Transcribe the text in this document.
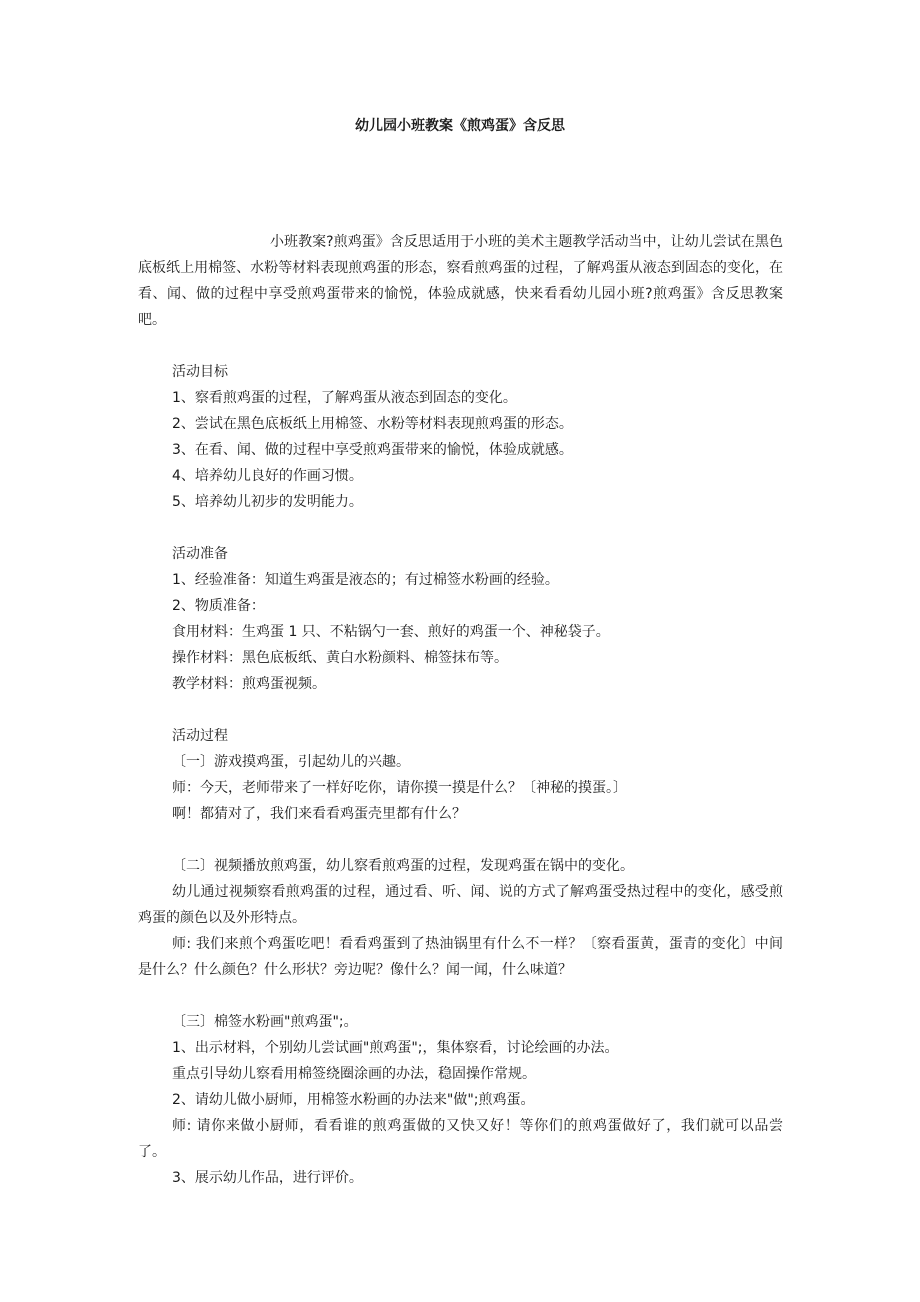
幼儿园小班教案《煎鸡蛋》含反思

小班教案?煎鸡蛋》含反思适用于小班的美术主题教学活动当中，让幼儿尝试在黑色底板纸上用棉签、水粉等材料表现煎鸡蛋的形态，察看煎鸡蛋的过程，了解鸡蛋从液态到固态的变化，在看、闻、做的过程中享受煎鸡蛋带来的愉悦，体验成就感，快来看看幼儿园小班?煎鸡蛋》含反思教案吧。

活动目标

1、察看煎鸡蛋的过程，了解鸡蛋从液态到固态的变化。

2、尝试在黑色底板纸上用棉签、水粉等材料表现煎鸡蛋的形态。

3、在看、闻、做的过程中享受煎鸡蛋带来的愉悦，体验成就感。

4、培养幼儿良好的作画习惯。

5、培养幼儿初步的发明能力。

活动准备

1、经验准备：知道生鸡蛋是液态的；有过棉签水粉画的经验。

2、物质准备：

食用材料：生鸡蛋 1 只、不粘锅勺一套、煎好的鸡蛋一个、神秘袋子。

操作材料：黑色底板纸、黄白水粉颜料、棉签抹布等。

教学材料：煎鸡蛋视频。

活动过程

〔一〕游戏摸鸡蛋，引起幼儿的兴趣。

师：今天，老师带来了一样好吃你，请你摸一摸是什么？〔神秘的摸蛋。〕

啊！都猜对了，我们来看看鸡蛋壳里都有什么？

〔二〕视频播放煎鸡蛋，幼儿察看煎鸡蛋的过程，发现鸡蛋在锅中的变化。

幼儿通过视频察看煎鸡蛋的过程，通过看、听、闻、说的方式了解鸡蛋受热过程中的变化，感受煎鸡蛋的颜色以及外形特点。

师: 我们来煎个鸡蛋吃吧！看看鸡蛋到了热油锅里有什么不一样？〔察看蛋黄，蛋青的变化〕中间是什么？什么颜色？什么形状？旁边呢？像什么？闻一闻，什么味道？

〔三〕棉签水粉画"煎鸡蛋";。

1、出示材料，个别幼儿尝试画"煎鸡蛋";，集体察看，讨论绘画的办法。

重点引导幼儿察看用棉签绕圈涂画的办法，稳固操作常规。

2、请幼儿做小厨师，用棉签水粉画的办法来"做";煎鸡蛋。

师: 请你来做小厨师，看看谁的煎鸡蛋做的又快又好！等你们的煎鸡蛋做好了，我们就可以品尝了。

3、展示幼儿作品，进行评价。
